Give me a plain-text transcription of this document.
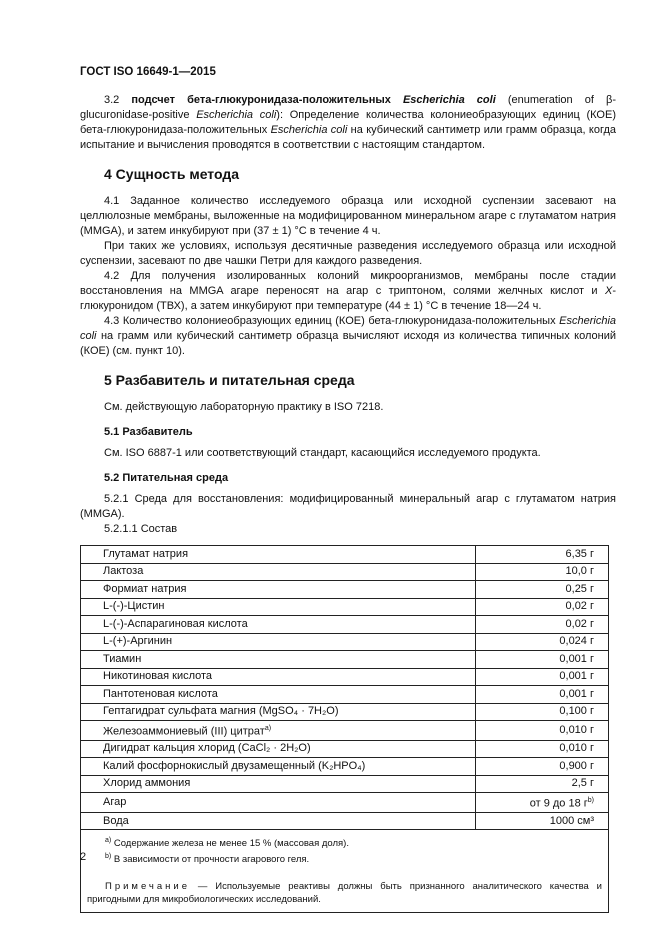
ГОСТ ISO 16649-1—2015

3.2 подсчет бета-глюкуронидаза-положительных Escherichia coli (enumeration of β-glucuronidase-positive Escherichia coli): Определение количества колониеобразующих единиц (КОЕ) бета-глюкуронидаза-положительных Escherichia coli на кубический сантиметр или грамм образца, когда испытание и вычисления проводятся в соответствии с настоящим стандартом.

4 Сущность метода

4.1 Заданное количество исследуемого образца или исходной суспензии засевают на целлюлозные мембраны, выложенные на модифицированном минеральном агаре с глутаматом натрия (MMGA), и затем инкубируют при (37 ± 1) °С в течение 4 ч.

При таких же условиях, используя десятичные разведения исследуемого образца или исходной суспензии, засевают по две чашки Петри для каждого разведения.

4.2 Для получения изолированных колоний микроорганизмов, мембраны после стадии восстановления на MMGA агаре переносят на агар с триптоном, солями желчных кислот и X-глюкуронидом (ТВХ), а затем инкубируют при температуре (44 ± 1) °С в течение 18—24 ч.

4.3 Количество колониеобразующих единиц (КОЕ) бета-глюкуронидаза-положительных Escherichia coli на грамм или кубический сантиметр образца вычисляют исходя из количества типичных колоний (КОЕ) (см. пункт 10).

5 Разбавитель и питательная среда

См. действующую лабораторную практику в ISO 7218.

5.1 Разбавитель

См. ISO 6887-1 или соответствующий стандарт, касающийся исследуемого продукта.

5.2 Питательная среда

5.2.1 Среда для восстановления: модифицированный минеральный агар с глутаматом натрия (MMGA).

5.2.1.1 Состав

Глутамат натрия	6,35 г
Лактоза	10,0 г
Формиат натрия	0,25 г
L-(-)-Цистин	0,02 г
L-(-)-Аспарагиновая кислота	0,02 г
L-(+)-Аргинин	0,024 г
Тиамин	0,001 г
Никотиновая кислота	0,001 г
Пантотеновая кислота	0,001 г
Гептагидрат сульфата магния (MgSO₄ · 7H₂O)	0,100 г
Железоаммониевый (III) цитрат$^{а)}$	0,010 г
Дигидрат кальция хлорид (CaCl₂ · 2H₂O)	0,010 г
Калий фосфорнокислый двузамещенный (K₂HPO₄)	0,900 г
Хлорид аммония	2,5 г
Агар	от 9 до 18 $г^{b)}$
Вода	1000 см³

$^{а)}$ Содержание железа не менее 15 % (массовая доля).
$^{b)}$ В зависимости от прочности агарового геля.
Примечание — Используемые реактивы должны быть признанного аналитического качества и пригодными для микробиологических исследований.	
2
